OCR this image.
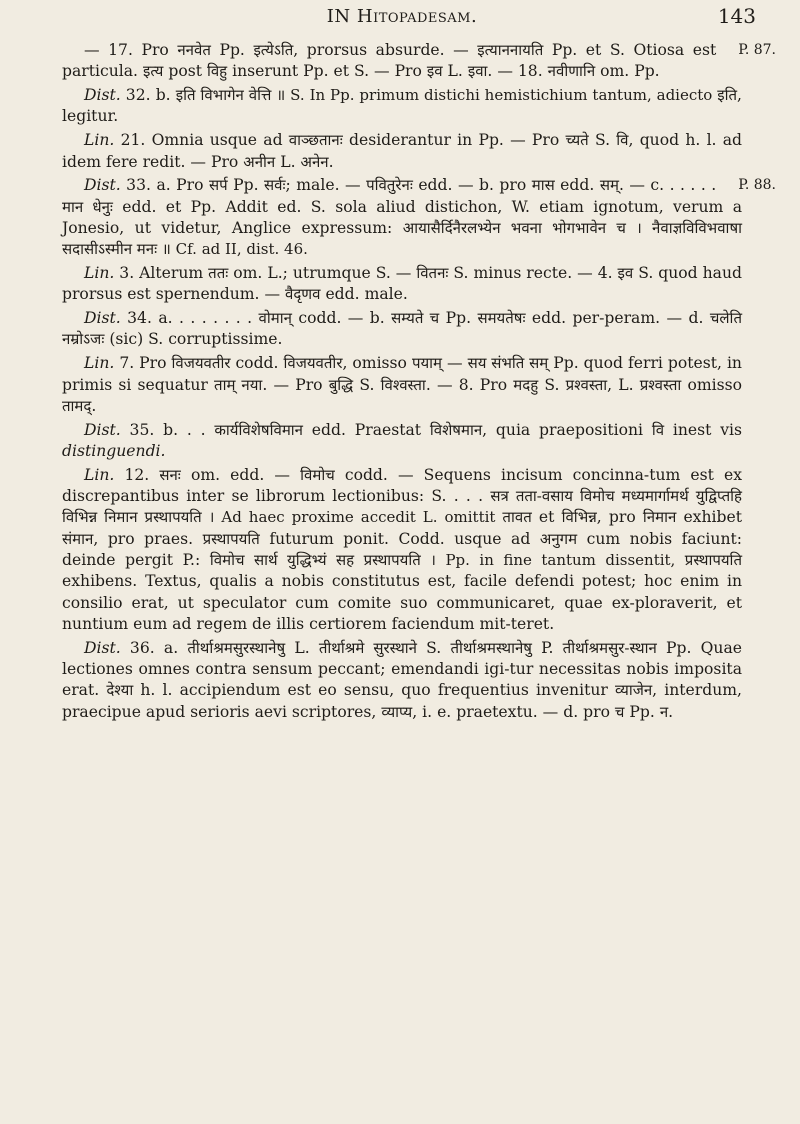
IN Hitopadesam.	143

— 17. Pro ननवेत Pp. इत्येऽति, prorsus absurde. — इत्याननायति Pp. et S.	P. 87.
Otiosa est particula. इत्य post विहु inserunt Pp. et S. — Pro इव L. इवा. — 18. नवीणानि om. Pp.

Dist. 32. b. इति विभागेन वेत्ति ॥ S. In Pp. primum distichi hemistichium tantum, adiecto इति, legitur.

Lin. 21. Omnia usque ad वाञ्छतानः desiderantur in Pp. — Pro च्यते S. वि, quod h. l. ad idem fere redit. — Pro अनीन L. अनेन.

Dist. 33. a. Pro सर्प Pp. सर्वः; male. — पवितुरेनः edd. — b. pro मास edd.	P. 88.
सम्. — c. . . . . . मान धेनुः edd. et Pp. Addit ed. S. sola aliud distichon, W. etiam ignotum, verum a Jonesio, ut videtur, Anglice expressum: आयासैर्दिनैरलभ्येन भवना भोगभावेन च । नैवाज्ञविविभवाषा सदासीऽस्मीन मनः ॥ Cf. ad II, dist. 46.

Lin. 3. Alterum ततः om. L.; utrumque S. — वितनः S. minus recte. — 4. इव S. quod haud prorsus est spernendum. — वैदृणव edd. male.

Dist. 34. a. . . . . . . . वोमान् codd. — b. सम्यते च Pp. समयतेषः edd. per-peram. — d. चलेति नम्रोऽजः (sic) S. corruptissime.

Lin. 7. Pro विजयवतीर codd. विजयवतीर, omisso पयाम् — सय संभति सम् Pp. quod ferri potest, in primis si sequatur ताम् नया. — Pro बुद्धि S. विश्वस्ता. — 8. Pro मदहु S. प्रश्वस्ता, L. प्रश्वस्ता omisso तामद्.

Dist. 35. b. . . कार्यविशेषविमान edd. Praestat विशेषमान, quia praepositioni वि inest vis distinguendi.

Lin. 12. सनः om. edd. — विमोच codd. — Sequens incisum concinna-tum est ex discrepantibus inter se librorum lectionibus: S. . . . सत्र तता-वसाय विमोच मध्यमार्गामर्थ युद्विप्तहि विभिन्न निमान प्रस्थापयति । Ad haec proxime accedit L. omittit तावत et विभिन्न, pro निमान exhibet संमान, pro praes. प्रस्थापयति futurum ponit. Codd. usque ad अनुगम cum nobis faciunt: deinde pergit P.: विमोच सार्थ युद्धिभ्यं सह प्रस्थापयति । Pp. in fine tantum dissentit, प्रस्थापयति exhibens. Textus, qualis a nobis constitutus est, facile defendi potest; hoc enim in consilio erat, ut speculator cum comite suo communicaret, quae ex-ploraverit, et nuntium eum ad regem de illis certiorem faciendum mit-teret.

Dist. 36. a. तीर्थाश्रमसुरस्थानेषु L. तीर्थाश्रमे सुरस्थाने S. तीर्थाश्रमस्थानेषु P. तीर्थाश्रमसुर-स्थान Pp. Quae lectiones omnes contra sensum peccant; emendandi igi-tur necessitas nobis imposita erat. देश्या h. l. accipiendum est eo sensu, quo frequentius invenitur व्याजेन, interdum, praecipue apud serioris aevi scriptores, व्याप्य, i. e. praetextu. — d. pro च Pp. न.
